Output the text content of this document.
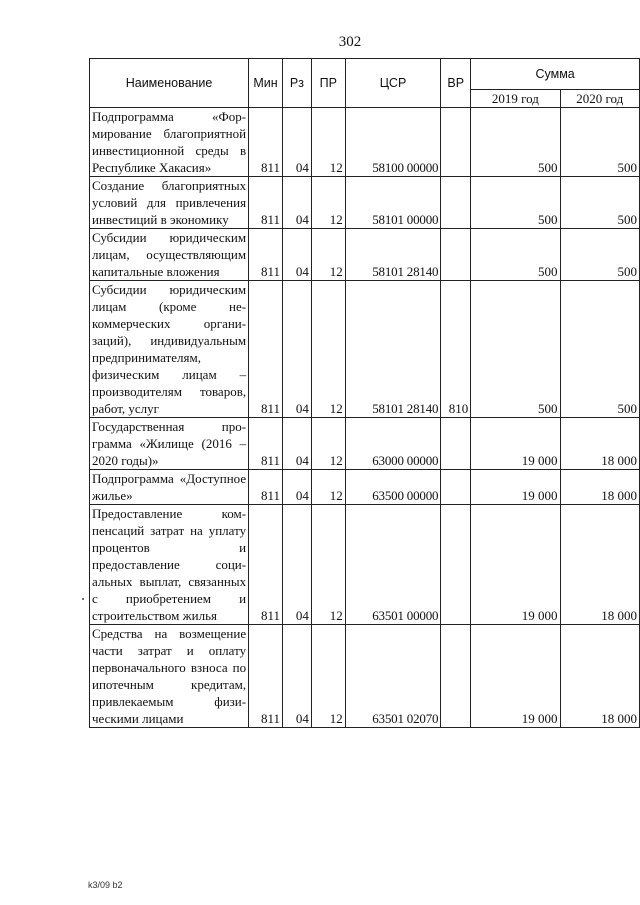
302
Наименование	Мин	Рз	ПР	ЦСР	ВР	Сумма	
						2019 год	2020 год
Подпрограмма «Формирование благоприятной инвестиционной среды в Республике Хакасия»	811	04	12	58100 00000		500	500
Создание благоприятных условий для привлечения инвестиций в экономику	811	04	12	58101 00000		500	500
Субсидии юридическим лицам, осуществляющим капитальные вложения	811	04	12	58101 28140		500	500
Субсидии юридическим лицам (кроме некоммерческих организаций), индивидуальным предпринимателям, физическим лицам – производителям товаров, работ, услуг	811	04	12	58101 28140	810	500	500
Государственная программа «Жилище (2016 – 2020 годы)»	811	04	12	63000 00000		19 000	18 000
Подпрограмма «Доступное жилье»	811	04	12	63500 00000		19 000	18 000
Предоставление компенсаций затрат на уплату процентов и предоставление социальных выплат, связанных с приобретением и строительством жилья	811	04	12	63501 00000		19 000	18 000
Средства на возмещение части затрат и оплату первоначального взноса по ипотечным кредитам, привлекаемым физическими лицами	811	04	12	63501 02070		19 000	18 000
k3/09 b2
